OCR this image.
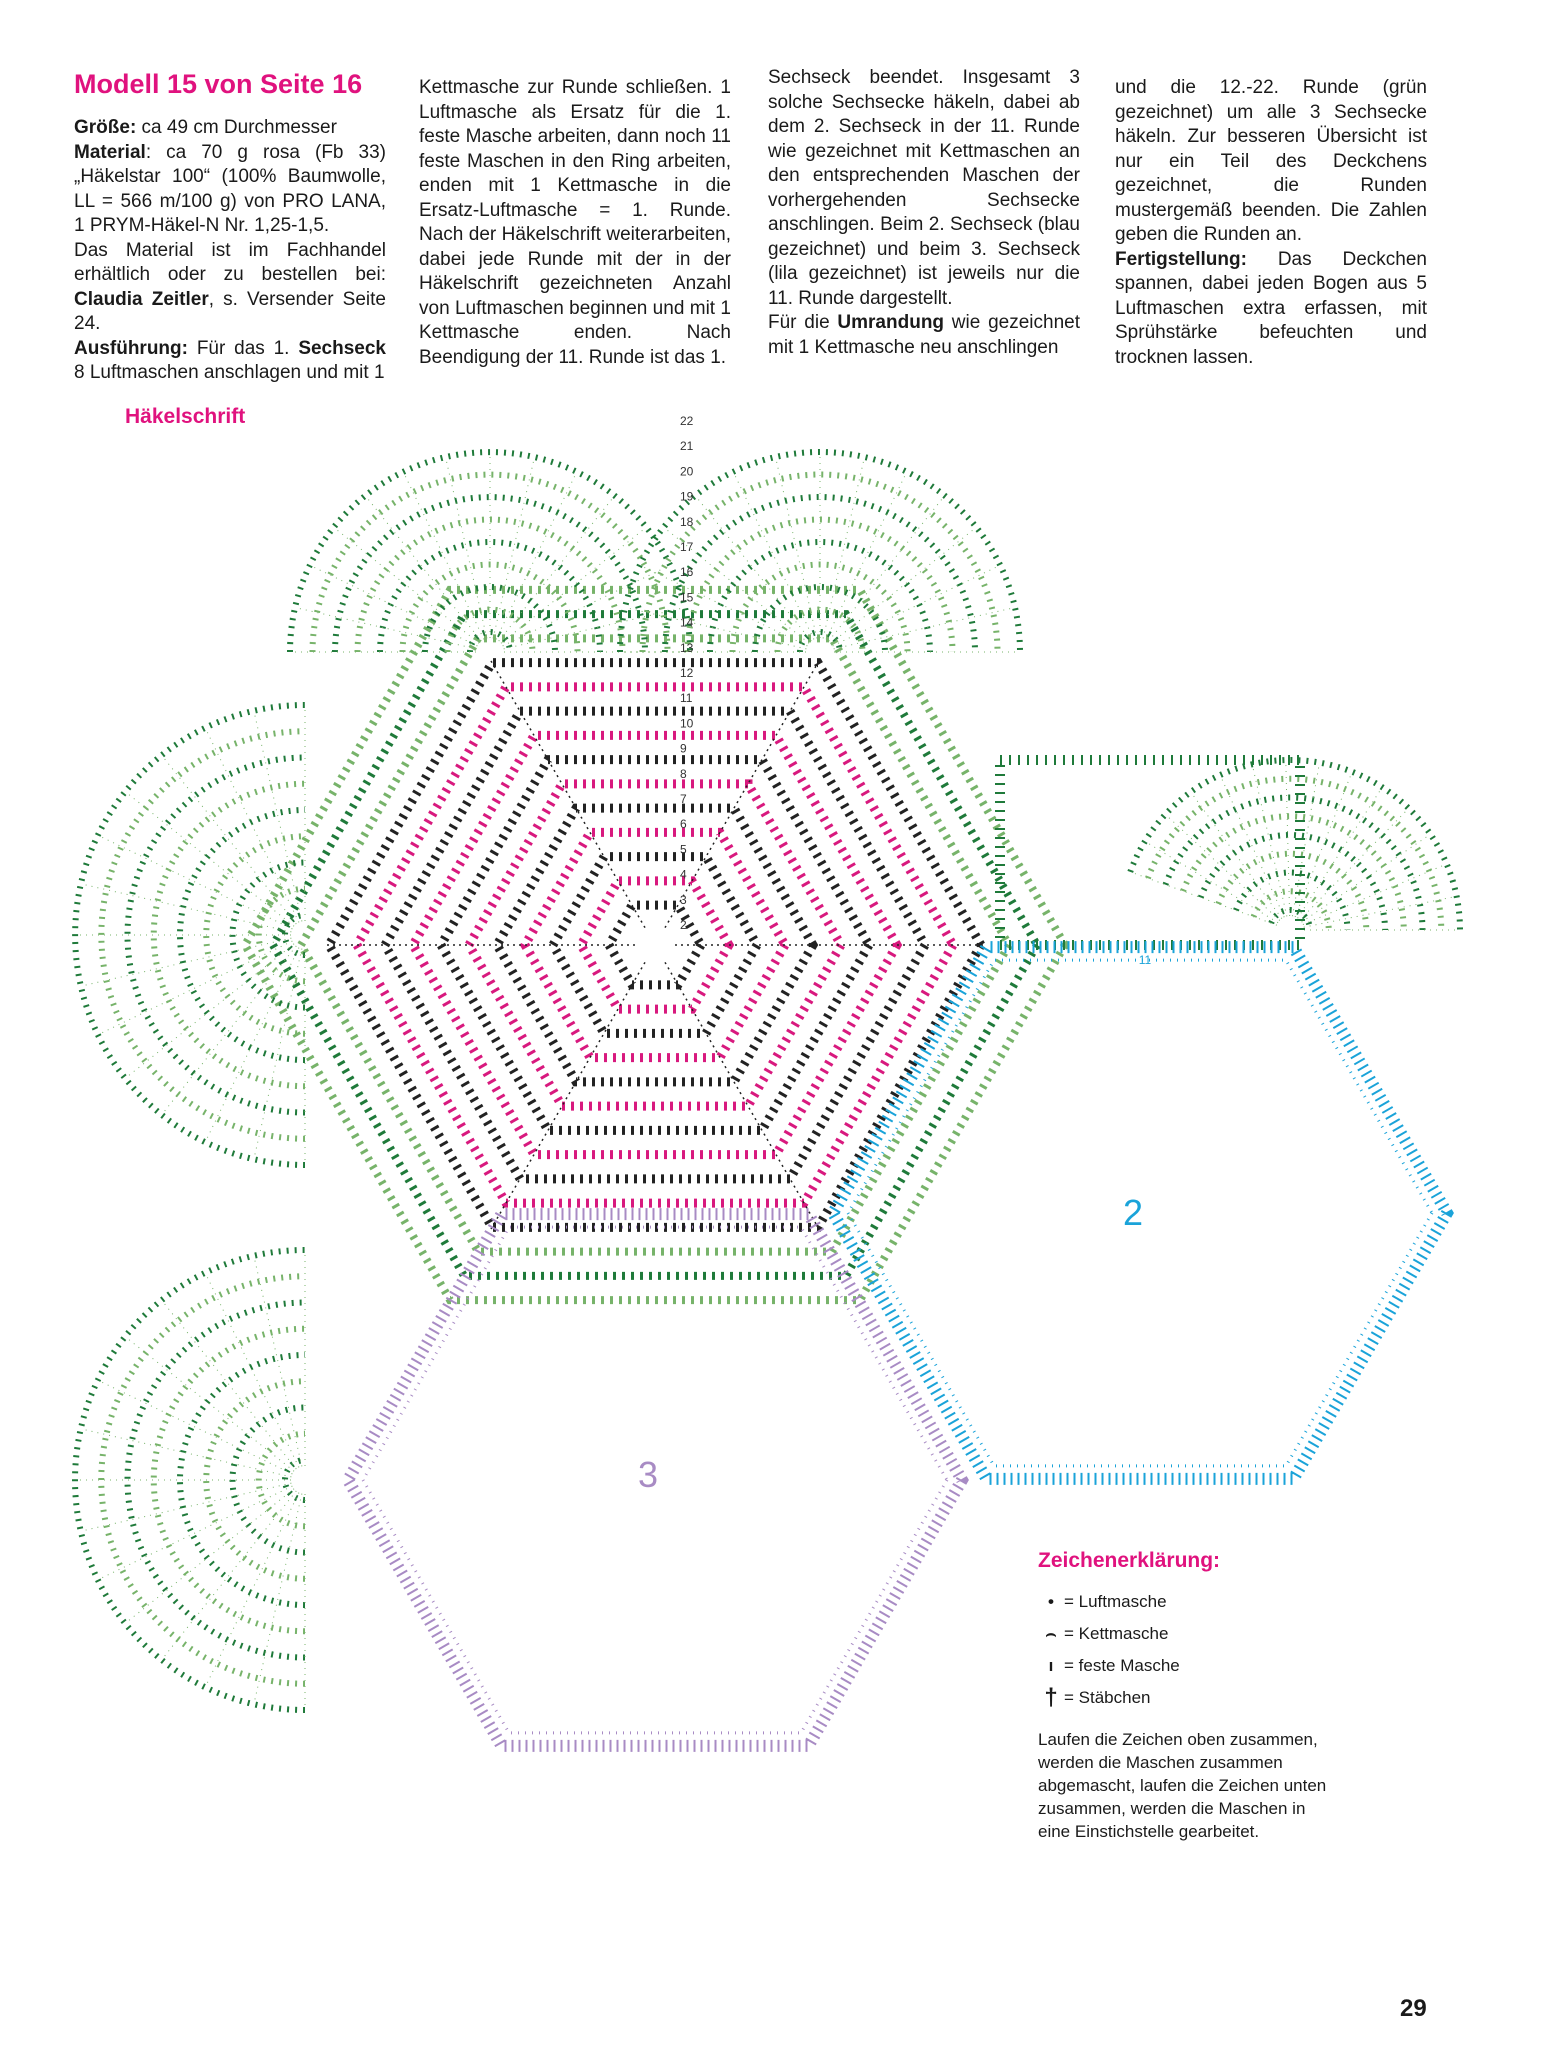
Modell 15 von Seite 16

Größe: ca 49 cm Durchmesser

Material: ca 70 g rosa (Fb 33) „Häkelstar 100“ (100% Baumwolle, LL = 566 m/100 g) von PRO LANA, 1 PRYM-Häkel-N Nr. 1,25-1,5.

Das Material ist im Fachhandel erhältlich oder zu bestellen bei: Claudia Zeitler, s. Versender Seite 24.

Ausführung: Für das 1. Sechseck 8 Luftmaschen anschlagen und mit 1

Kettmasche zur Runde schließen. 1 Luftmasche als Ersatz für die 1. feste Masche arbeiten, dann noch 11 feste Maschen in den Ring arbeiten, enden mit 1 Kettmasche in die Ersatz-Luftmasche = 1. Runde. Nach der Häkelschrift weiterarbeiten, dabei jede Runde mit der in der Häkelschrift gezeichneten Anzahl von Luftmaschen beginnen und mit 1 Kettmasche enden. Nach Beendigung der 11. Runde ist das 1.

Sechseck beendet. Insgesamt 3 solche Sechsecke häkeln, dabei ab dem 2. Sechseck in der 11. Runde wie gezeichnet mit Kettmaschen an den entsprechenden Maschen der vorhergehenden Sechsecke anschlingen. Beim 2. Sechseck (blau gezeichnet) und beim 3. Sechseck (lila gezeichnet) ist jeweils nur die 11. Runde dargestellt.

Für die Umrandung wie gezeichnet mit 1 Kettmasche neu anschlingen

und die 12.-22. Runde (grün gezeichnet) um alle 3 Sechsecke häkeln. Zur besseren Übersicht ist nur ein Teil des Deckchens gezeichnet, die Runden mustergemäß beenden. Die Zahlen geben die Runden an.

Fertigstellung: Das Deckchen spannen, dabei jeden Bogen aus 5 Luftmaschen extra erfassen, mit Sprühstärke befeuchten und trocknen lassen.

Häkelschrift	22
21
20
19
18
17
16
15
14
13
12
11
10
9
8
7
6
5
4
3
2
2
3
11
Zeichenerklärung:
• = Luftmasche
⌢ = Kettmasche
ı = feste Masche
† = Stäbchen
Laufen die Zeichen oben zusammen, werden die Maschen zusammen abgemascht, laufen die Zeichen unten zusammen, werden die Maschen in eine Einstichstelle gearbeitet.
29
